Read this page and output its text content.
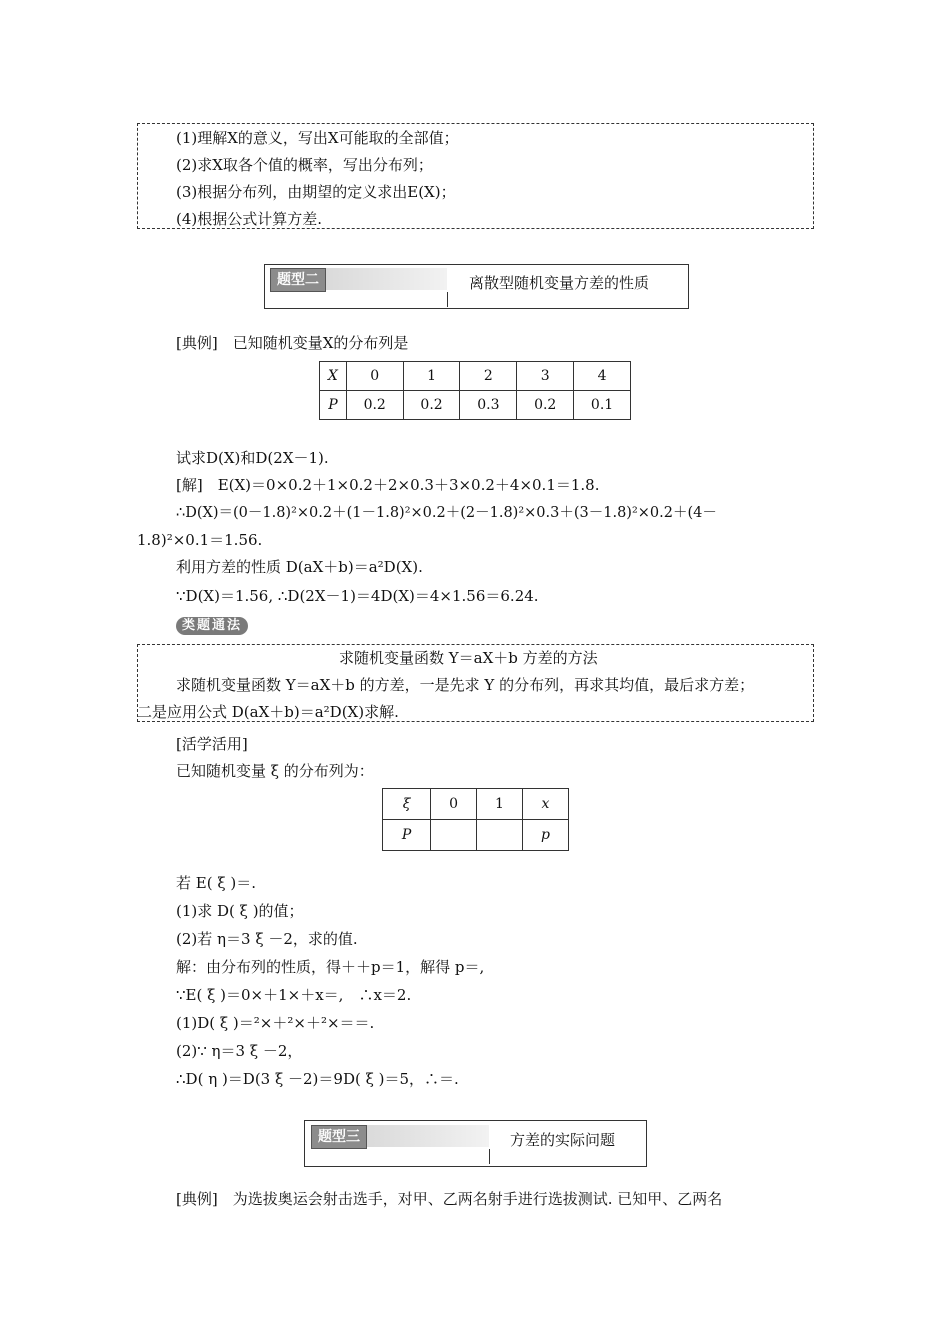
(1)理解X的意义，写出X可能取的全部值；
(2)求X取各个值的概率，写出分布列；
(3)根据分布列，由期望的定义求出E(X)；
(4)根据公式计算方差.
题型二	离散型随机变量方差的性质
[典例]　已知随机变量X的分布列是
X	0	1	2	3	4
P	0.2	0.2	0.3	0.2	0.1
试求D(X)和D(2X－1).
[解]　E(X)＝0×0.2＋1×0.2＋2×0.3＋3×0.2＋4×0.1＝1.8.
∴D(X)＝(0－1.8)²×0.2＋(1－1.8)²×0.2＋(2－1.8)²×0.3＋(3－1.8)²×0.2＋(4－
1.8)²×0.1＝1.56.
利用方差的性质 D(aX＋b)＝a²D(X).
∵D(X)＝1.56, ∴D(2X－1)＝4D(X)＝4×1.56＝6.24.
类题通法
求随机变量函数 Y＝aX＋b 方差的方法
求随机变量函数 Y＝aX＋b 的方差，一是先求 Y 的分布列，再求其均值，最后求方差；
二是应用公式 D(aX＋b)＝a²D(X)求解.
[活学活用]
已知随机变量 ξ 的分布列为：
ξ	0	1	x
P			p
若 E( ξ )＝.
(1)求 D( ξ )的值；
(2)若 η＝3 ξ －2，求的值.
解：由分布列的性质，得＋＋p＝1，解得 p＝,
∵E( ξ )＝0×＋1×＋x＝,　∴x＝2.
(1)D( ξ )＝²×＋²×＋²×＝＝.
(2)∵ η＝3 ξ －2，
∴D( η )＝D(3 ξ －2)＝9D( ξ )＝5，∴＝.
题型三	方差的实际问题
[典例]　为选拔奥运会射击选手，对甲、乙两名射手进行选拔测试. 已知甲、乙两名
